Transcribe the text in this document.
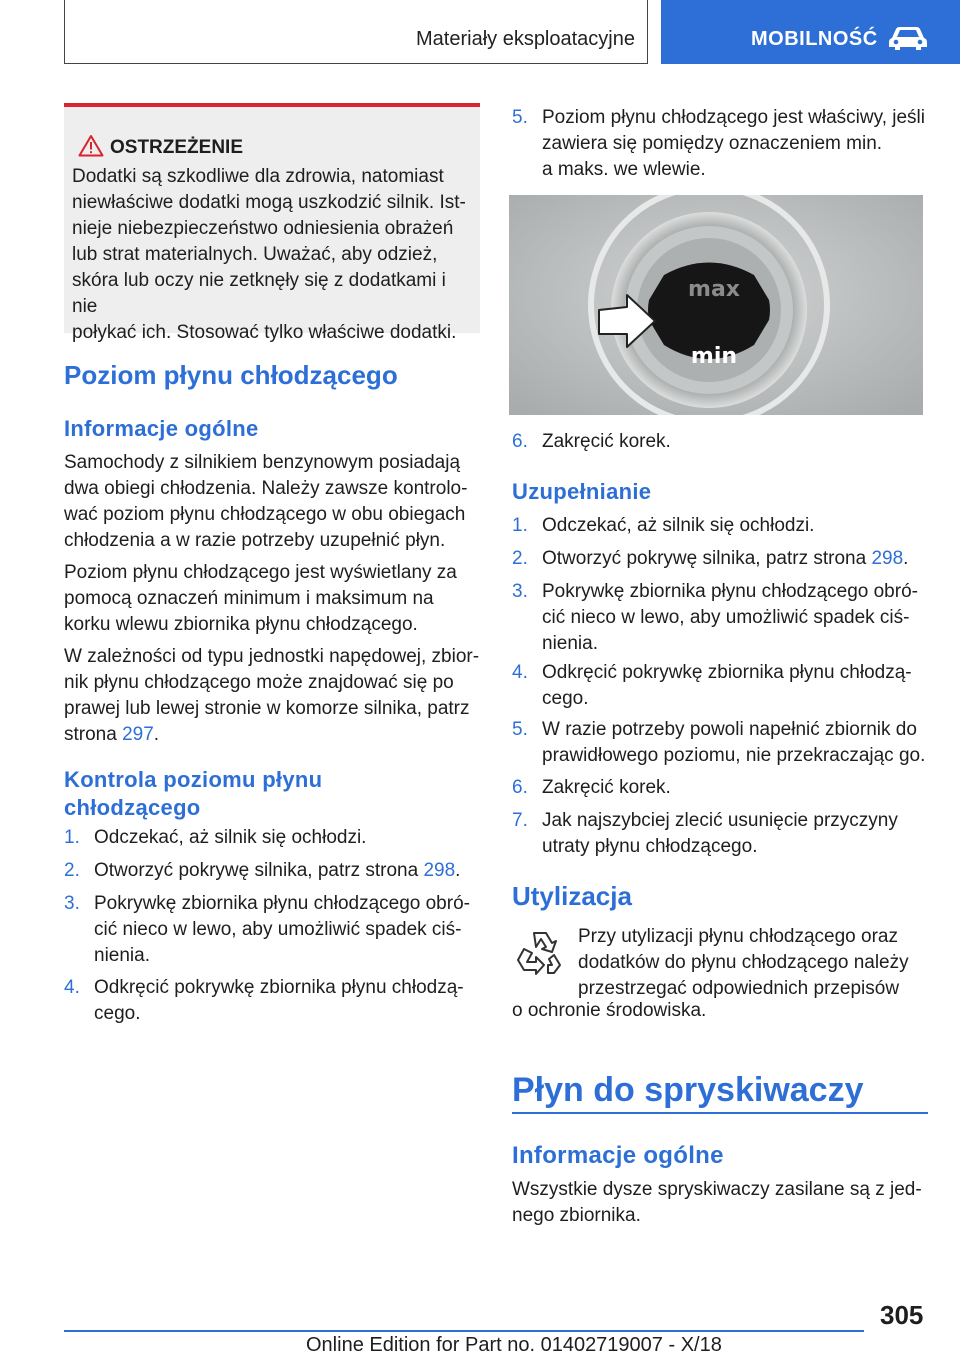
Materiały eksploatacyjne	MOBILNOŚĆ
OSTRZEŻENIE
Dodatki są szkodliwe dla zdrowia, natomiast
niewłaściwe dodatki mogą uszkodzić silnik. Ist-
nieje niebezpieczeństwo odniesienia obrażeń
lub strat materialnych. Uważać, aby odzież,
skóra lub oczy nie zetknęły się z dodatkami i nie
połykać ich. Stosować tylko właściwe dodatki.
Poziom płynu chłodzącego
Informacje ogólne

Samochody z silnikiem benzynowym posiadają
dwa obiegi chłodzenia. Należy zawsze kontrolo-
wać poziom płynu chłodzącego w obu obiegach
chłodzenia a w razie potrzeby uzupełnić płyn.

Poziom płynu chłodzącego jest wyświetlany za
pomocą oznaczeń minimum i maksimum na
korku wlewu zbiornika płynu chłodzącego.

W zależności od typu jednostki napędowej, zbior-
nik płynu chłodzącego może znajdować się po
prawej lub lewej stronie w komorze silnika, patrz
strona 297.

Kontrola poziomu płynu
chłodzącego
1. Odczekać, aż silnik się ochłodzi.
2. Otworzyć pokrywę silnika, patrz strona 298.
3. Pokrywkę zbiornika płynu chłodzącego obró-
cić nieco w lewo, aby umożliwić spadek ciś-
nienia.
4. Odkręcić pokrywkę zbiornika płynu chłodzą-
cego.
5. Poziom płynu chłodzącego jest właściwy, jeśli
zawiera się pomiędzy oznaczeniem min.
a maks. we wlewie.
max
min
6. Zakręcić korek.
Uzupełnianie
1. Odczekać, aż silnik się ochłodzi.
2. Otworzyć pokrywę silnika, patrz strona 298.
3. Pokrywkę zbiornika płynu chłodzącego obró-
cić nieco w lewo, aby umożliwić spadek ciś-
nienia.
4. Odkręcić pokrywkę zbiornika płynu chłodzą-
cego.
5. W razie potrzeby powoli napełnić zbiornik do
prawidłowego poziomu, nie przekraczając go.
6. Zakręcić korek.
7. Jak najszybciej zlecić usunięcie przyczyny
utraty płynu chłodzącego.
Utylizacja

Przy utylizacji płynu chłodzącego oraz
dodatków do płynu chłodzącego należy
przestrzegać odpowiednich przepisów

o ochronie środowiska.
Płyn do spryskiwaczy
Informacje ogólne

Wszystkie dysze spryskiwaczy zasilane są z jed-
nego zbiornika.

305
Online Edition for Part no. 01402719007 - X/18
